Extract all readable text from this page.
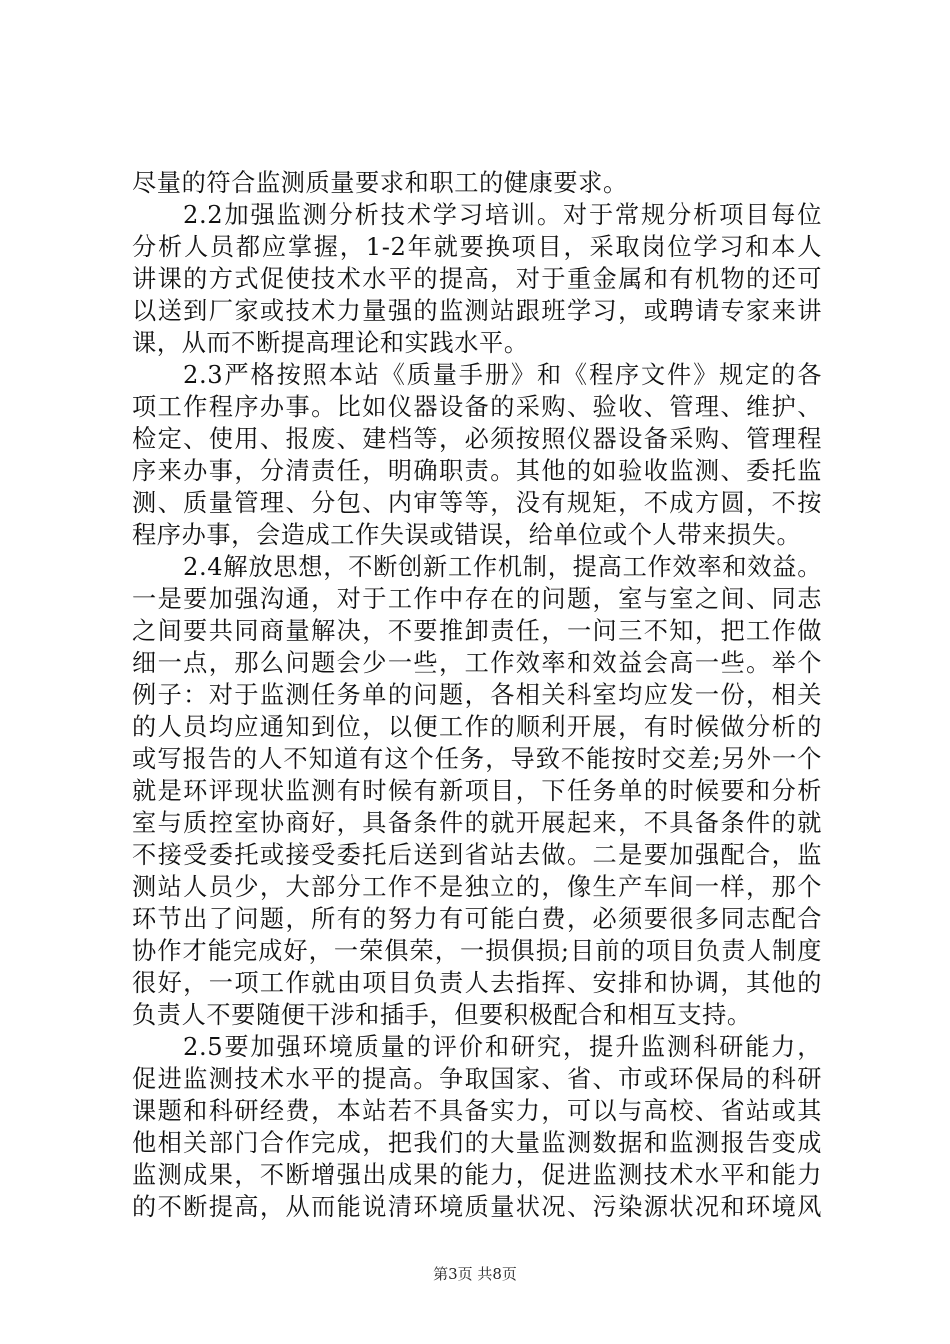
尽量的符合监测质量要求和职工的健康要求。
2.2加强监测分析技术学习培训。对于常规分析项目每位
分析人员都应掌握，1-2年就要换项目，采取岗位学习和本人
讲课的方式促使技术水平的提高，对于重金属和有机物的还可
以送到厂家或技术力量强的监测站跟班学习，或聘请专家来讲
课，从而不断提高理论和实践水平。
2.3严格按照本站《质量手册》和《程序文件》规定的各
项工作程序办事。比如仪器设备的采购、验收、管理、维护、
检定、使用、报废、建档等，必须按照仪器设备采购、管理程
序来办事，分清责任，明确职责。其他的如验收监测、委托监
测、质量管理、分包、内审等等，没有规矩，不成方圆，不按
程序办事，会造成工作失误或错误，给单位或个人带来损失。
2.4解放思想，不断创新工作机制，提高工作效率和效益。
一是要加强沟通，对于工作中存在的问题，室与室之间、同志
之间要共同商量解决，不要推卸责任，一问三不知，把工作做
细一点，那么问题会少一些，工作效率和效益会高一些。举个
例子：对于监测任务单的问题，各相关科室均应发一份，相关
的人员均应通知到位，以便工作的顺利开展，有时候做分析的
或写报告的人不知道有这个任务，导致不能按时交差;另外一个
就是环评现状监测有时候有新项目，下任务单的时候要和分析
室与质控室协商好，具备条件的就开展起来，不具备条件的就
不接受委托或接受委托后送到省站去做。二是要加强配合，监
测站人员少，大部分工作不是独立的，像生产车间一样，那个
环节出了问题，所有的努力有可能白费，必须要很多同志配合
协作才能完成好，一荣俱荣，一损俱损;目前的项目负责人制度
很好，一项工作就由项目负责人去指挥、安排和协调，其他的
负责人不要随便干涉和插手，但要积极配合和相互支持。
2.5要加强环境质量的评价和研究，提升监测科研能力，
促进监测技术水平的提高。争取国家、省、市或环保局的科研
课题和科研经费，本站若不具备实力，可以与高校、省站或其
他相关部门合作完成，把我们的大量监测数据和监测报告变成
监测成果，不断增强出成果的能力，促进监测技术水平和能力
的不断提高，从而能说清环境质量状况、污染源状况和环境风
第3页 共8页
